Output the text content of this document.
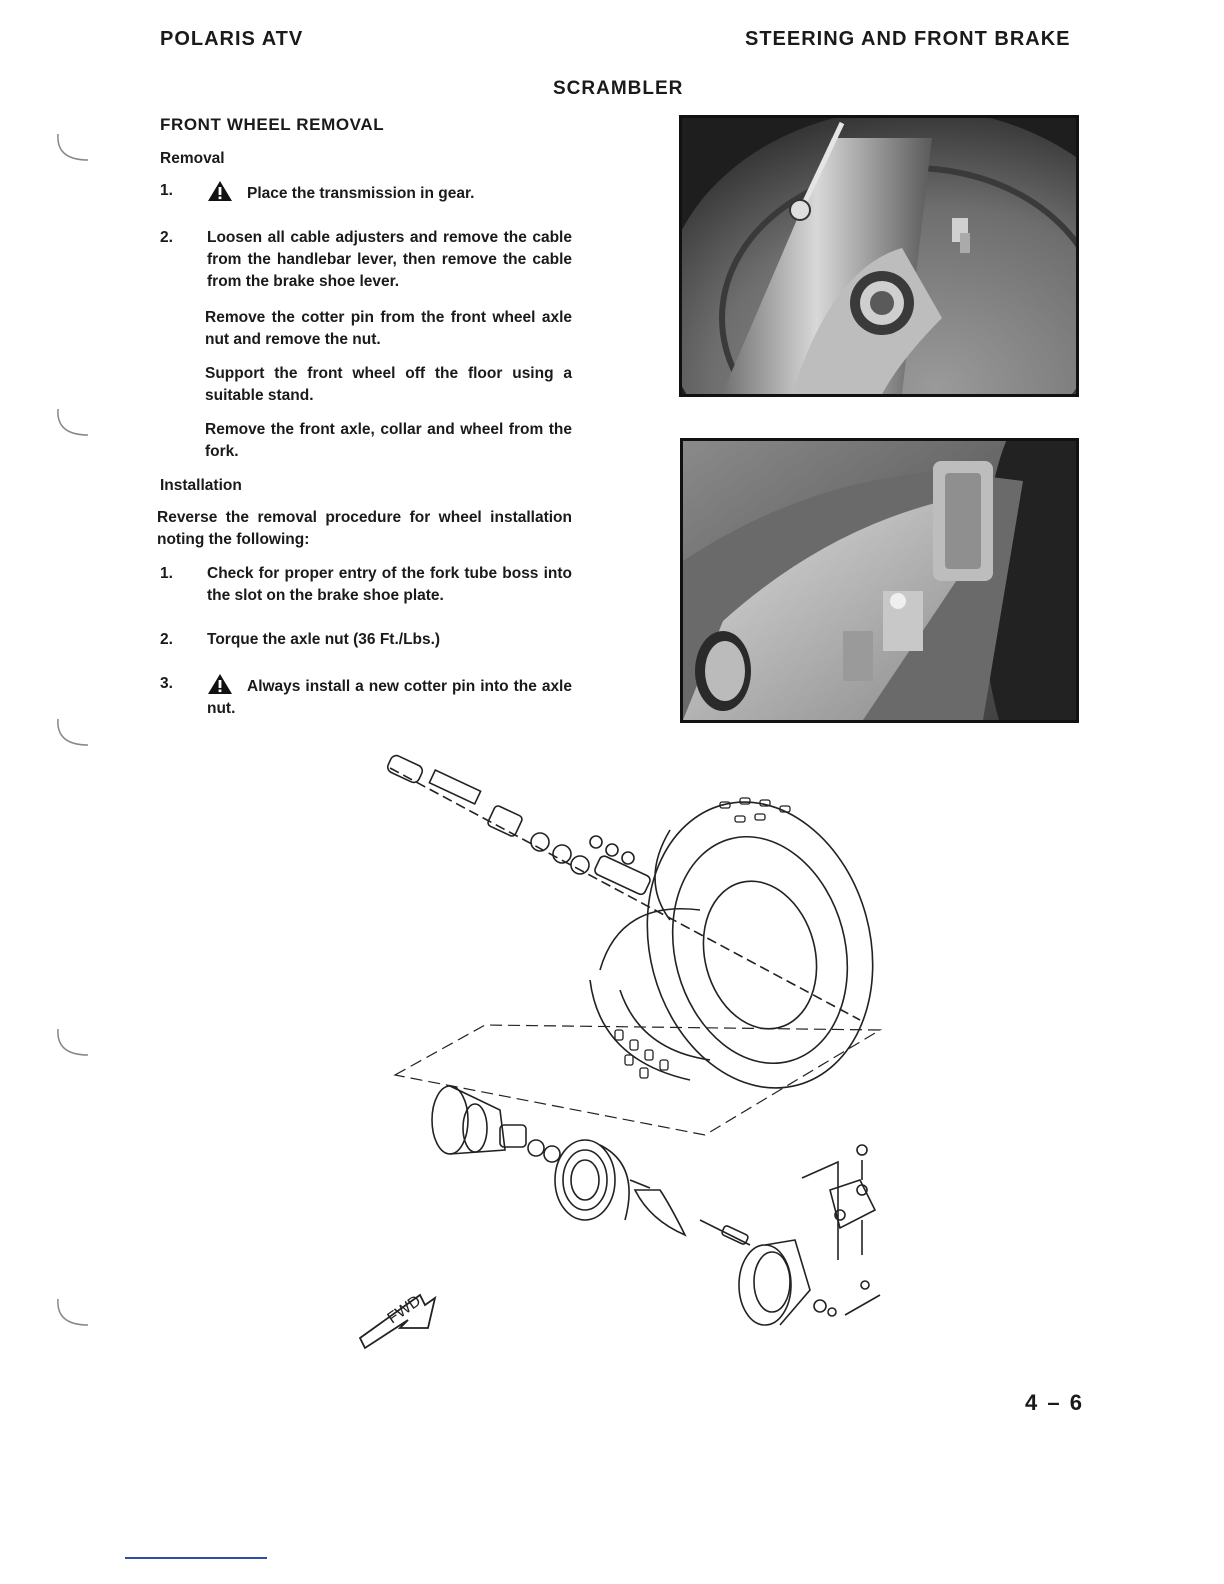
POLARIS ATV	STEERING AND FRONT BRAKE
SCRAMBLER
FRONT WHEEL REMOVAL
Removal
1.	Place the transmission in gear.
2.	Loosen all cable adjusters and remove the cable from the handlebar lever, then remove the cable from the brake shoe lever.

Remove the cotter pin from the front wheel axle nut and remove the nut.

Support the front wheel off the floor using a suitable stand.

Remove the front axle, collar and wheel from the fork.

Installation

Reverse the removal procedure for wheel installation noting the following:

1.	Check for proper entry of the fork tube boss into the slot on the brake shoe plate.
2.	Torque the axle nut (36 Ft./Lbs.)
3.	Always install a new cotter pin into the axle nut.
FWD
4 – 6
